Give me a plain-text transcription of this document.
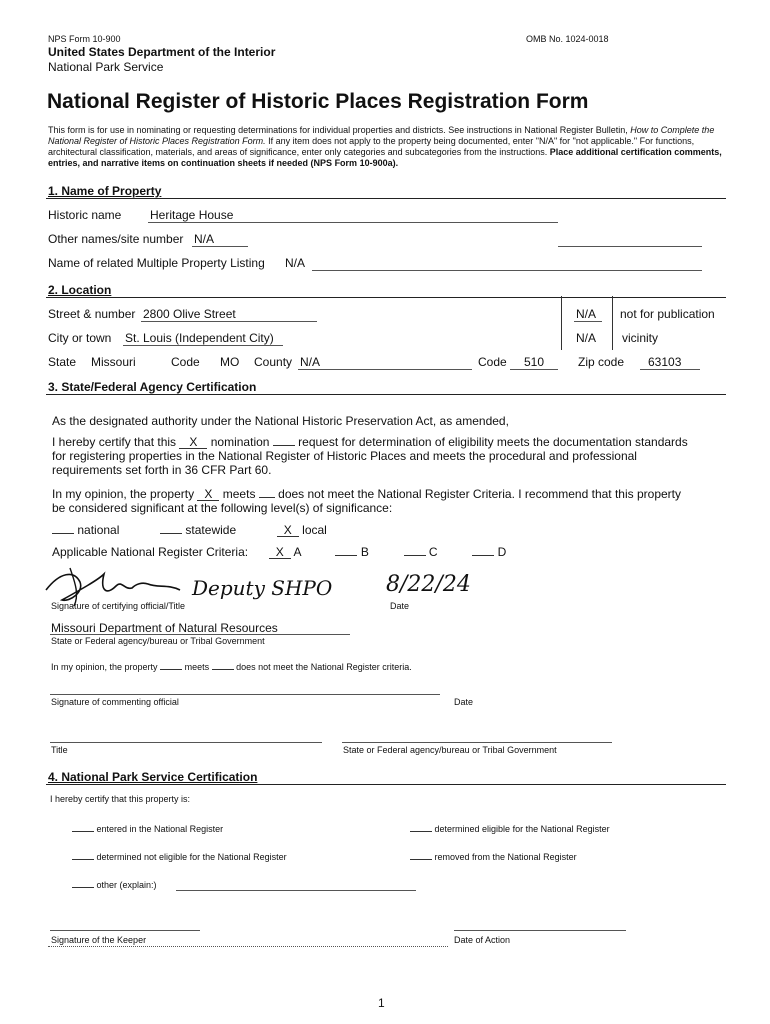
NPS Form 10-900	OMB No. 1024-0018
United States Department of the Interior
National Park Service
National Register of Historic Places Registration Form
This form is for use in nominating or requesting determinations for individual properties and districts. See instructions in National Register Bulletin, How to Complete the National Register of Historic Places Registration Form. If any item does not apply to the property being documented, enter "N/A" for "not applicable." For functions, architectural classification, materials, and areas of significance, enter only categories and subcategories from the instructions. Place additional certification comments, entries, and narrative items on continuation sheets if needed (NPS Form 10-900a).
1. Name of Property
Historic name Heritage House
Other names/site number N/A
Name of related Multiple Property Listing N/A
2. Location
Street & number 2800 Olive Street	N/A not for publication
City or town St. Louis (Independent City)	N/A vicinity
State Missouri	Code MO County N/A	Code 510	Zip code 63103
3. State/Federal Agency Certification
As the designated authority under the National Historic Preservation Act, as amended,
I hereby certify that this X nomination request for determination of eligibility meets the documentation standards
for registering properties in the National Register of Historic Places and meets the procedural and professional
requirements set forth in 36 CFR Part 60.
In my opinion, the property X meets does not meet the National Register Criteria. I recommend that this property
be considered significant at the following level(s) of significance:
national	statewide	X local
Applicable National Register Criteria: X A	B	C	D
Deputy SHPO 8/22/24
Signature of certifying official/Title	Date
Missouri Department of Natural Resources
State or Federal agency/bureau or Tribal Government
In my opinion, the property	meets	does not meet the National Register criteria.
Signature of commenting official	Date
Title	State or Federal agency/bureau or Tribal Government
4. National Park Service Certification
I hereby certify that this property is:
entered in the National Register	determined eligible for the National Register
determined not eligible for the National Register	removed from the National Register
other (explain:)
Signature of the Keeper	Date of Action
1
